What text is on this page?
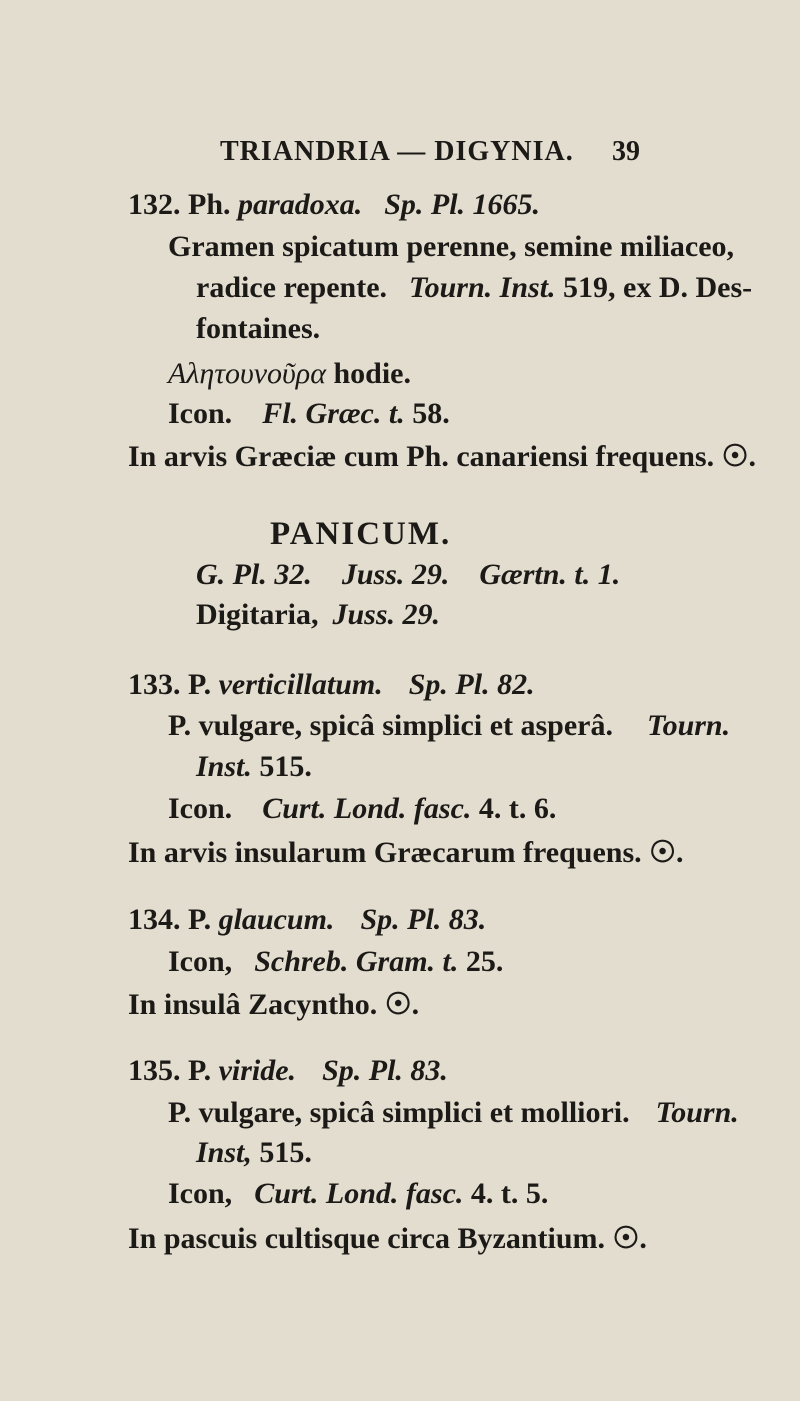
TRIANDRIA — DIGYNIA. 39
132. Ph. paradoxa. Sp. Pl. 1665.
Gramen spicatum perenne, semine miliaceo,
radice repente. Tourn. Inst. 519, ex D. Des-
fontaines.
Αλητουνοῦρα hodie.
Icon. Fl. Græc. t. 58.
In arvis Græciæ cum Ph. canariensi frequens. ☉.
PANICUM.
G. Pl. 32. Juss. 29. Gærtn. t. 1.
Digitaria, Juss. 29.
133. P. verticillatum. Sp. Pl. 82.
P. vulgare, spicâ simplici et asperâ. Tourn.
Inst. 515.
Icon. Curt. Lond. fasc. 4. t. 6.
In arvis insularum Græcarum frequens. ☉.
134. P. glaucum. Sp. Pl. 83.
Icon, Schreb. Gram. t. 25.
In insulâ Zacyntho. ☉.
135. P. viride. Sp. Pl. 83.
P. vulgare, spicâ simplici et molliori. Tourn.
Inst, 515.
Icon, Curt. Lond. fasc. 4. t. 5.
In pascuis cultisque circa Byzantium. ☉.
